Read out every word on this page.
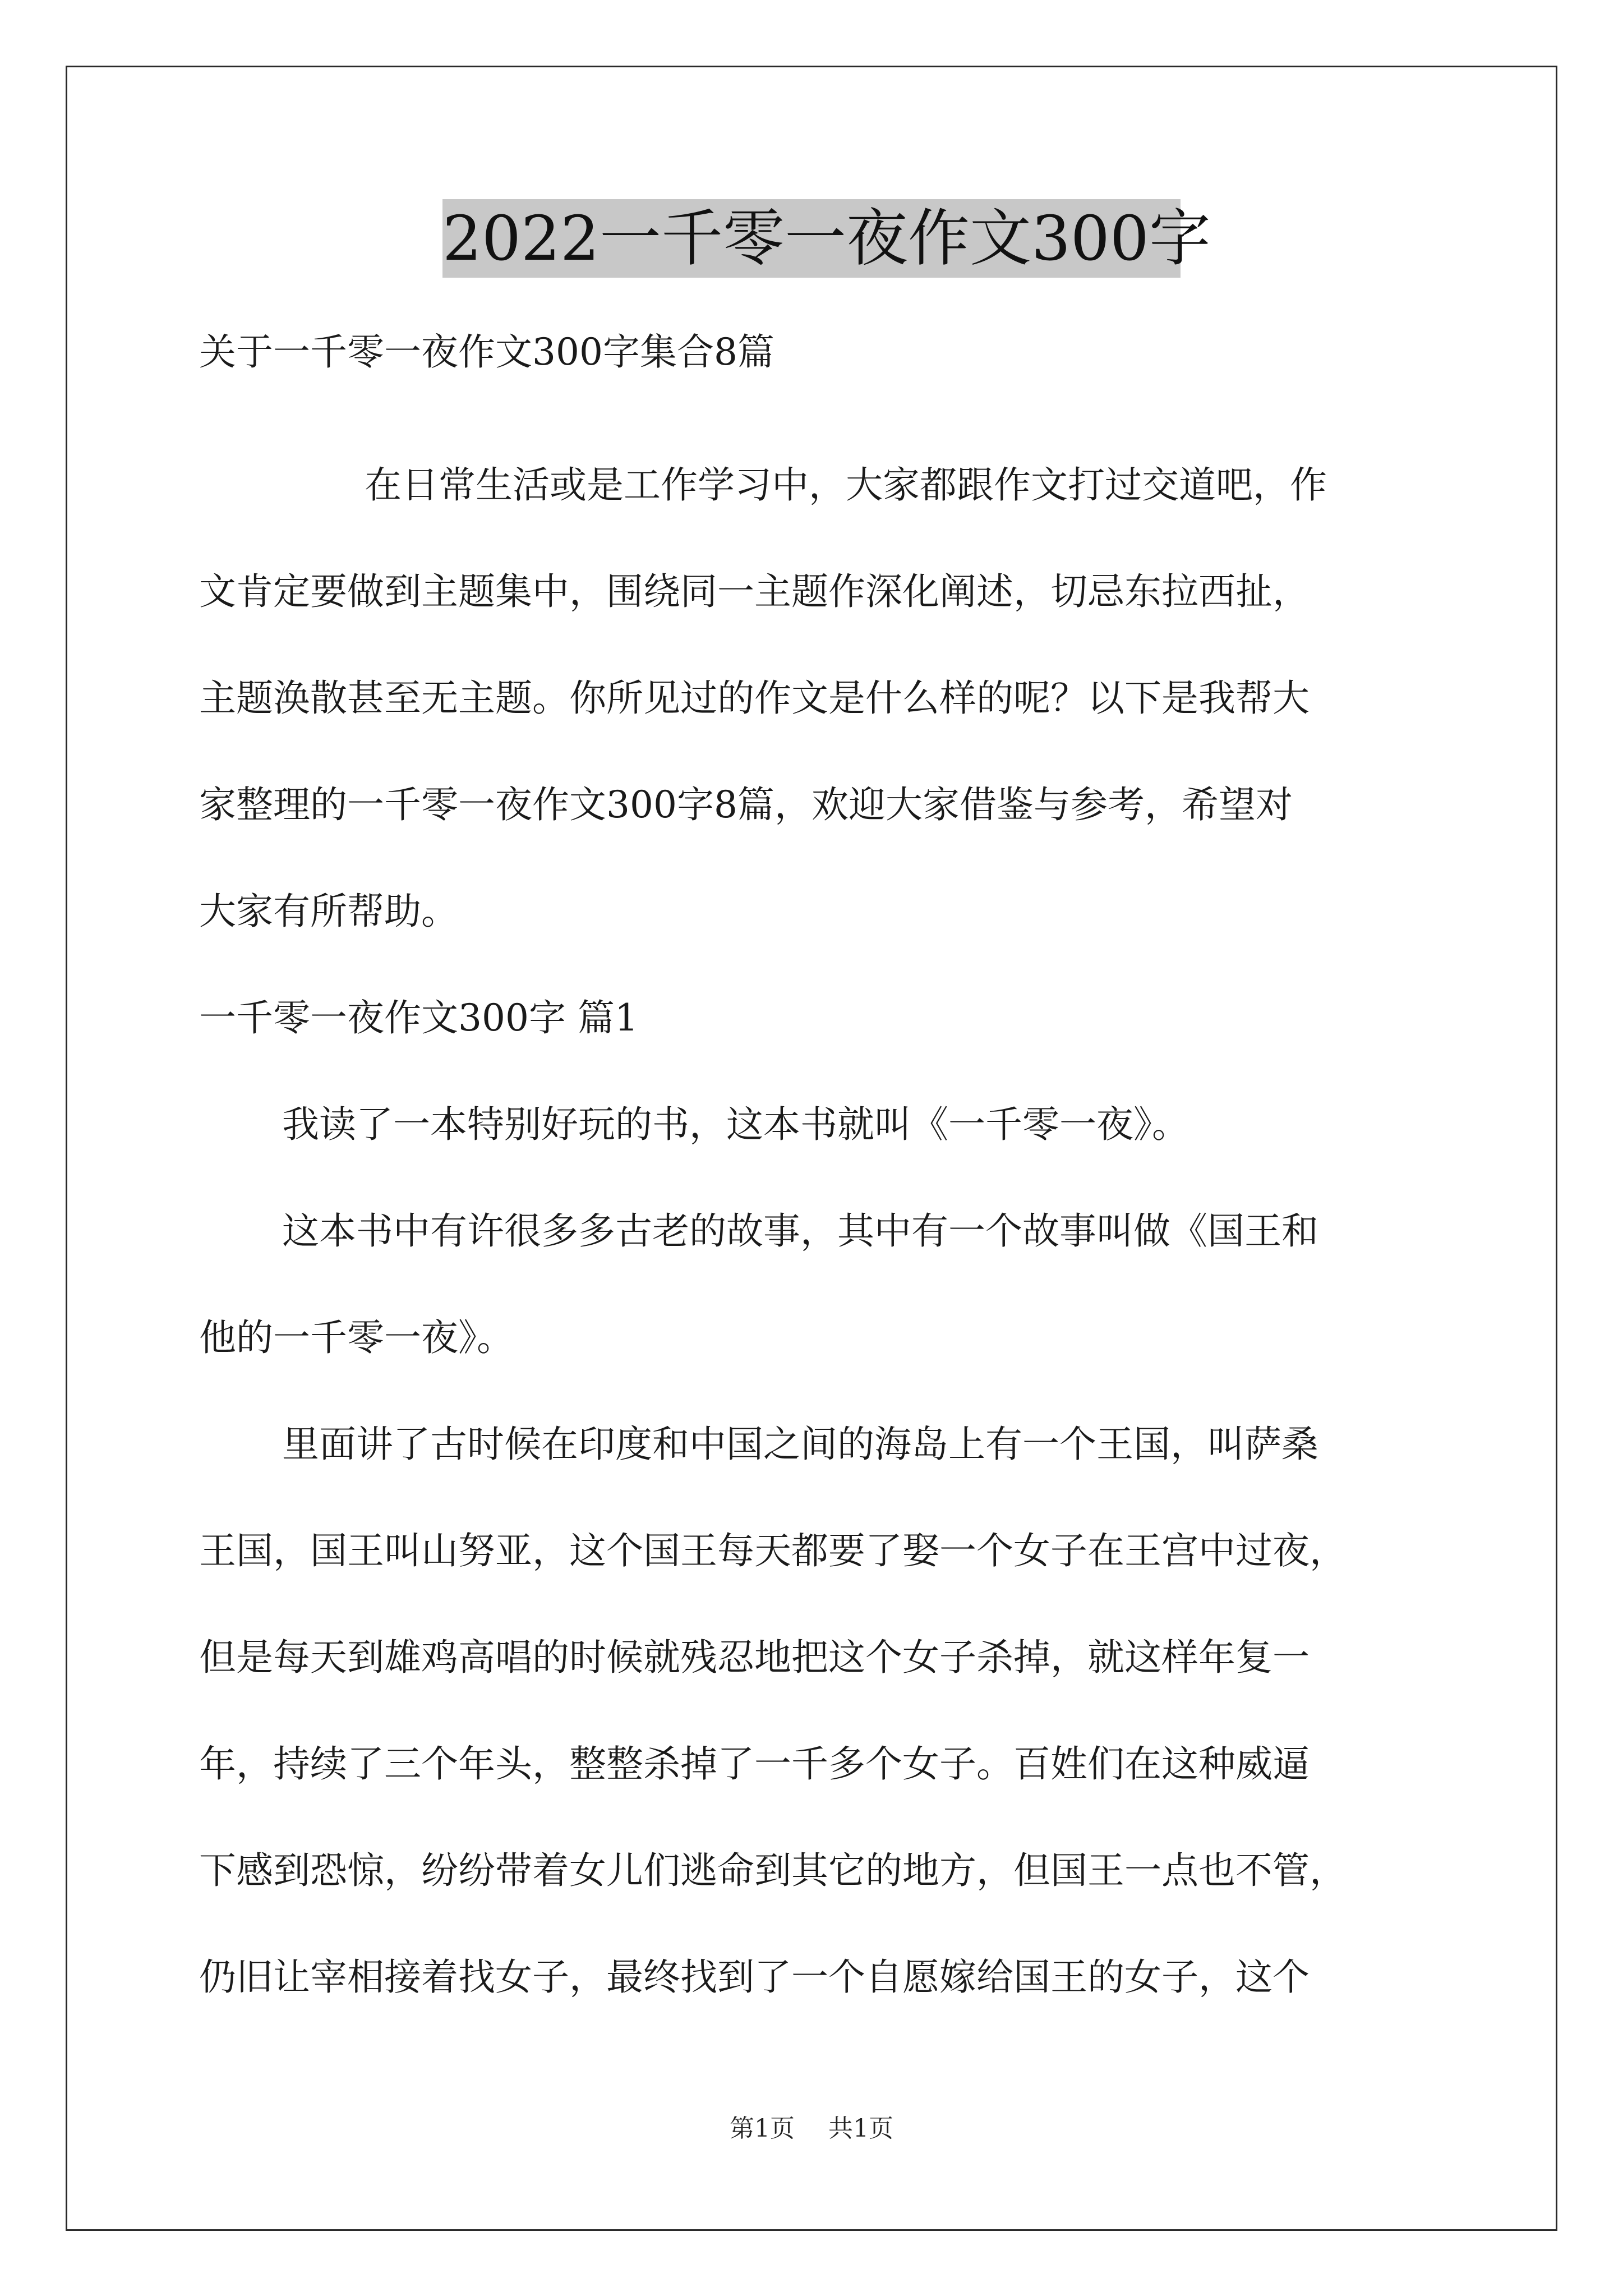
2022一千零一夜作文300字
关于一千零一夜作文300字集合8篇
在日常生活或是工作学习中，大家都跟作文打过交道吧，作
文肯定要做到主题集中，围绕同一主题作深化阐述，切忌东拉西扯，
主题涣散甚至无主题。你所见过的作文是什么样的呢？以下是我帮大
家整理的一千零一夜作文300字8篇，欢迎大家借鉴与参考，希望对
大家有所帮助。
一千零一夜作文300字 篇1
我读了一本特别好玩的书，这本书就叫《一千零一夜》。
这本书中有许很多多古老的故事，其中有一个故事叫做《国王和
他的一千零一夜》。
里面讲了古时候在印度和中国之间的海岛上有一个王国，叫萨桑
王国，国王叫山努亚，这个国王每天都要了娶一个女子在王宫中过夜，
但是每天到雄鸡高唱的时候就残忍地把这个女子杀掉，就这样年复一
年，持续了三个年头，整整杀掉了一千多个女子。百姓们在这种威逼
下感到恐惊，纷纷带着女儿们逃命到其它的地方，但国王一点也不管，
仍旧让宰相接着找女子，最终找到了一个自愿嫁给国王的女子，这个
第1页 共1页
